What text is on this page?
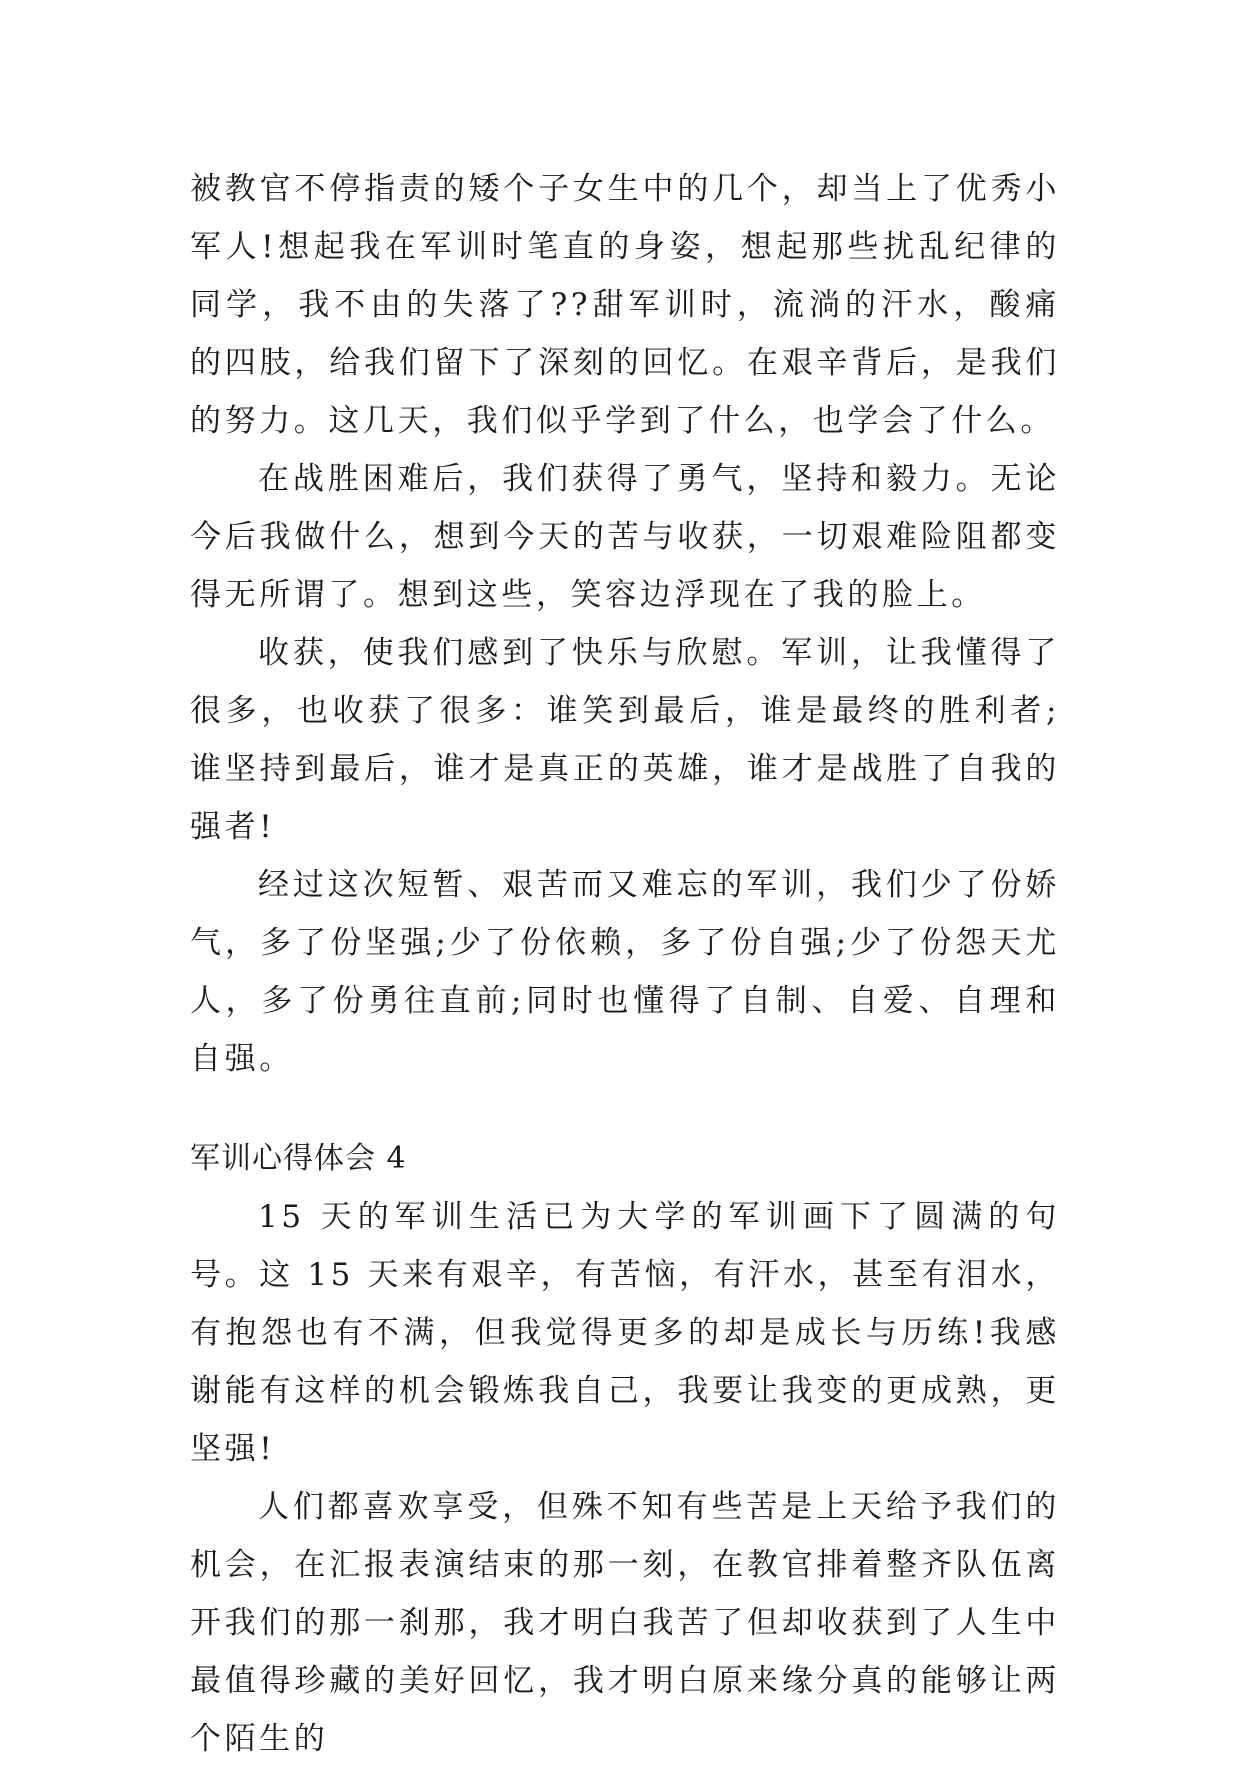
被教官不停指责的矮个子女生中的几个，却当上了优秀小军人!想起我在军训时笔直的身姿，想起那些扰乱纪律的同学，我不由的失落了??甜军训时，流淌的汗水，酸痛的四肢，给我们留下了深刻的回忆。在艰辛背后，是我们的努力。这几天，我们似乎学到了什么，也学会了什么。

在战胜困难后，我们获得了勇气，坚持和毅力。无论今后我做什么，想到今天的苦与收获，一切艰难险阻都变得无所谓了。想到这些，笑容边浮现在了我的脸上。

收获，使我们感到了快乐与欣慰。军训，让我懂得了很多，也收获了很多：谁笑到最后，谁是最终的胜利者;谁坚持到最后，谁才是真正的英雄，谁才是战胜了自我的强者!

经过这次短暂、艰苦而又难忘的军训，我们少了份娇气，多了份坚强;少了份依赖，多了份自强;少了份怨天尤人，多了份勇往直前;同时也懂得了自制、自爱、自理和自强。

军训心得体会 4

15 天的军训生活已为大学的军训画下了圆满的句号。这 15 天来有艰辛，有苦恼，有汗水，甚至有泪水，有抱怨也有不满，但我觉得更多的却是成长与历练!我感谢能有这样的机会锻炼我自己，我要让我变的更成熟，更坚强!

人们都喜欢享受，但殊不知有些苦是上天给予我们的机会，在汇报表演结束的那一刻，在教官排着整齐队伍离开我们的那一刹那，我才明白我苦了但却收获到了人生中最值得珍藏的美好回忆，我才明白原来缘分真的能够让两个陌生的
